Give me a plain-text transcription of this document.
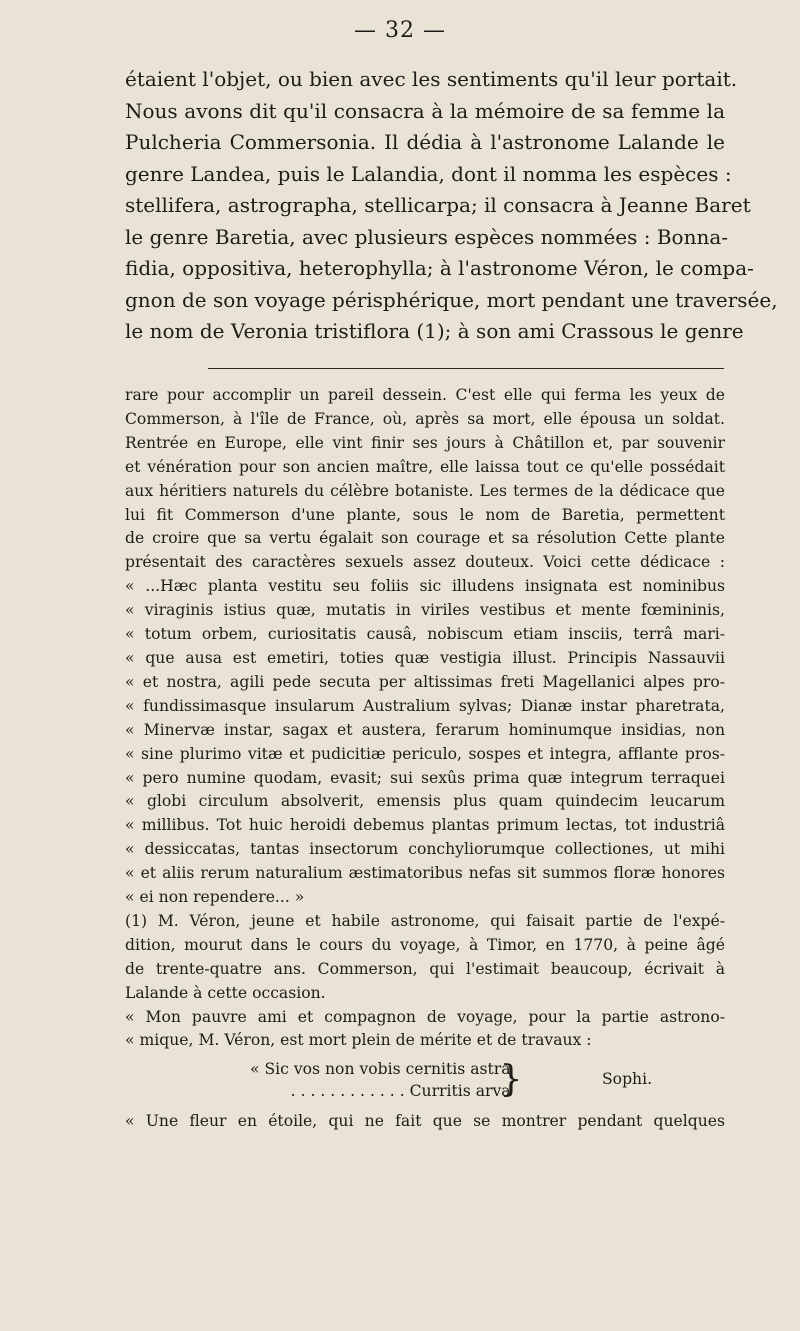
— 32 —
étaient l'objet, ou bien avec les sentiments qu'il leur portait.
Nous avons dit qu'il consacra à la mémoire de sa femme la
Pulcheria Commersonia. Il dédia à l'astronome Lalande le
genre Landea, puis le Lalandia, dont il nomma les espèces :
stellifera, astrographa, stellicarpa; il consacra à Jeanne Baret
le genre Baretia, avec plusieurs espèces nommées : Bonna-
fidia, oppositiva, heterophylla; à l'astronome Véron, le compa-
gnon de son voyage périsphérique, mort pendant une traversée,
le nom de Veronia tristiflora (1); à son ami Crassous le genre
rare pour accomplir un pareil dessein. C'est elle qui ferma les yeux de
Commerson, à l'île de France, où, après sa mort, elle épousa un soldat.
Rentrée en Europe, elle vint finir ses jours à Châtillon et, par souvenir
et vénération pour son ancien maître, elle laissa tout ce qu'elle possédait
aux héritiers naturels du célèbre botaniste. Les termes de la dédicace que
lui fit Commerson d'une plante, sous le nom de Baretia, permettent
de croire que sa vertu égalait son courage et sa résolution Cette plante
présentait des caractères sexuels assez douteux. Voici cette dédicace :
« ...Hæc planta vestitu seu foliis sic illudens insignata est nominibus
« viraginis istius quæ, mutatis in viriles vestibus et mente fœmininis,
« totum orbem, curiositatis causâ, nobiscum etiam insciis, terrâ mari-
« que ausa est emetiri, toties quæ vestigia illust. Principis Nassauvii
« et nostra, agili pede secuta per altissimas freti Magellanici alpes pro-
« fundissimasque insularum Australium sylvas; Dianæ instar pharetrata,
« Minervæ instar, sagax et austera, ferarum hominumque insidias, non
« sine plurimo vitæ et pudicitiæ periculo, sospes et integra, afflante pros-
« pero numine quodam, evasit; sui sexûs prima quæ integrum terraquei
« globi circulum absolverit, emensis plus quam quindecim leucarum
« millibus. Tot huic heroidi debemus plantas primum lectas, tot industriâ
« dessiccatas, tantas insectorum conchyliorumque collectiones, ut mihi
« et aliis rerum naturalium æstimatoribus nefas sit summos floræ honores
« ei non rependere... »
(1) M. Véron, jeune et habile astronome, qui faisait partie de l'expé-
dition, mourut dans le cours du voyage, à Timor, en 1770, à peine âgé
de trente-quatre ans. Commerson, qui l'estimait beaucoup, écrivait à
Lalande à cette occasion.
« Mon pauvre ami et compagnon de voyage, pour la partie astrono-
« mique, M. Véron, est mort plein de mérite et de travaux :
« Sic vos non vobis cernitis astra
. . . . . . . . . . . . Curritis arva
}	Sophi.
« Une fleur en étoile, qui ne fait que se montrer pendant quelques
